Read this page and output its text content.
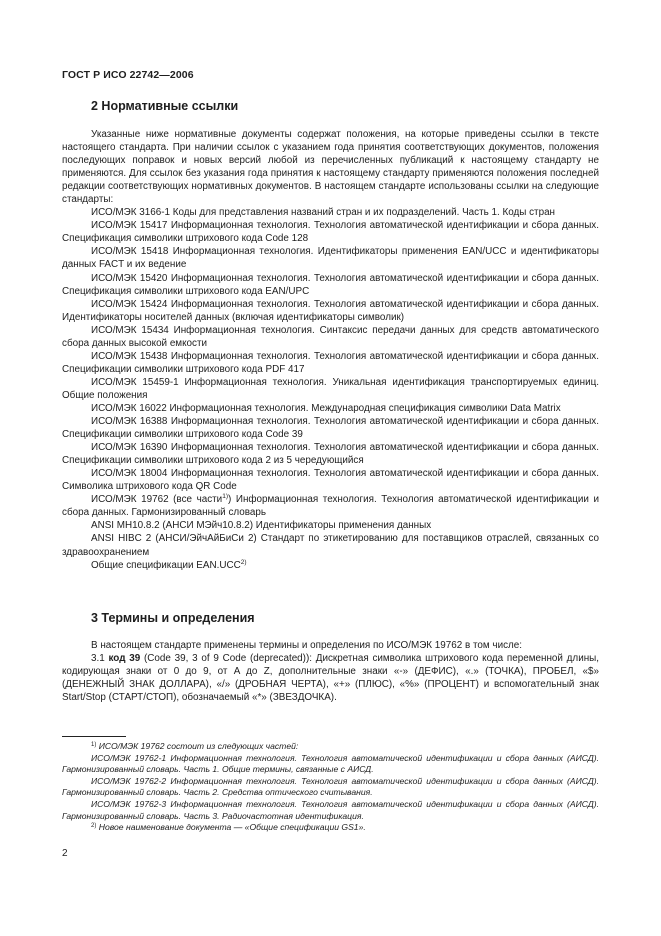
ГОСТ Р ИСО 22742—2006
2 Нормативные ссылки

Указанные ниже нормативные документы содержат положения, на которые приведены ссылки в тексте настоящего стандарта. При наличии ссылок с указанием года принятия соответствующих документов, положения последующих поправок и новых версий любой из перечисленных публикаций к настоящему стандарту не применяются. Для ссылок без указания года принятия к настоящему стандарту применяются положения последней редакции соответствующих нормативных документов. В настоящем стандарте использованы ссылки на следующие стандарты:

ИСО/МЭК 3166-1 Коды для представления названий стран и их подразделений. Часть 1. Коды стран

ИСО/МЭК 15417 Информационная технология. Технология автоматической идентификации и сбора данных. Спецификация символики штрихового кода Code 128

ИСО/МЭК 15418 Информационная технология. Идентификаторы применения EAN/UCC и идентификаторы данных FACT и их ведение

ИСО/МЭК 15420 Информационная технология. Технология автоматической идентификации и сбора данных. Спецификация символики штрихового кода EAN/UPC

ИСО/МЭК 15424 Информационная технология. Технология автоматической идентификации и сбора данных. Идентификаторы носителей данных (включая идентификаторы символик)

ИСО/МЭК 15434 Информационная технология. Синтаксис передачи данных для средств автоматического сбора данных высокой емкости

ИСО/МЭК 15438 Информационная технология. Технология автоматической идентификации и сбора данных. Спецификации символики штрихового кода PDF 417

ИСО/МЭК 15459-1 Информационная технология. Уникальная идентификация транспортируемых единиц. Общие положения

ИСО/МЭК 16022 Информационная технология. Международная спецификация символики Data Matrix

ИСО/МЭК 16388 Информационная технология. Технология автоматической идентификации и сбора данных. Спецификации символики штрихового кода Code 39

ИСО/МЭК 16390 Информационная технология. Технология автоматической идентификации и сбора данных. Спецификации символики штрихового кода 2 из 5 чередующийся

ИСО/МЭК 18004 Информационная технология. Технология автоматической идентификации и сбора данных. Символика штрихового кода QR Code

ИСО/МЭК 19762 (все части$^{1)}$) Информационная технология. Технология автоматической идентификации и сбора данных. Гармонизированный словарь

ANSI MH10.8.2 (АНСИ МЭйч10.8.2) Идентификаторы применения данных

ANSI HIBC 2 (АНСИ/ЭйчАйБиСи 2) Стандарт по этикетированию для поставщиков отраслей, связанных со здравоохранением

Общие спецификации EAN.UCC$^{2)}$

3 Термины и определения

В настоящем стандарте применены термины и определения по ИСО/МЭК 19762 в том числе:

3.1 код 39 (Code 39, 3 of 9 Code (deprecated)): Дискретная символика штрихового кода переменной длины, кодирующая знаки от 0 до 9, от A до Z, дополнительные знаки «-» (ДЕФИС), «.» (ТОЧКА), ПРОБЕЛ, «$» (ДЕНЕЖНЫЙ ЗНАК ДОЛЛАРА), «/» (ДРОБНАЯ ЧЕРТА), «+» (ПЛЮС), «%» (ПРОЦЕНТ) и вспомогательный знак Start/Stop (СТАРТ/СТОП), обозначаемый «*» (ЗВЕЗДОЧКА).

$^{1)}$ ИСО/МЭК 19762 состоит из следующих частей:

ИСО/МЭК 19762-1 Информационная технология. Технология автоматической идентификации и сбора данных (АИСД). Гармонизированный словарь. Часть 1. Общие термины, связанные с АИСД.

ИСО/МЭК 19762-2 Информационная технология. Технология автоматической идентификации и сбора данных (АИСД). Гармонизированный словарь. Часть 2. Средства оптического считывания.

ИСО/МЭК 19762-3 Информационная технология. Технология автоматической идентификации и сбора данных (АИСД). Гармонизированный словарь. Часть 3. Радиочастотная идентификация.

$^{2)}$ Новое наименование документа — «Общие спецификации GS1».

2
